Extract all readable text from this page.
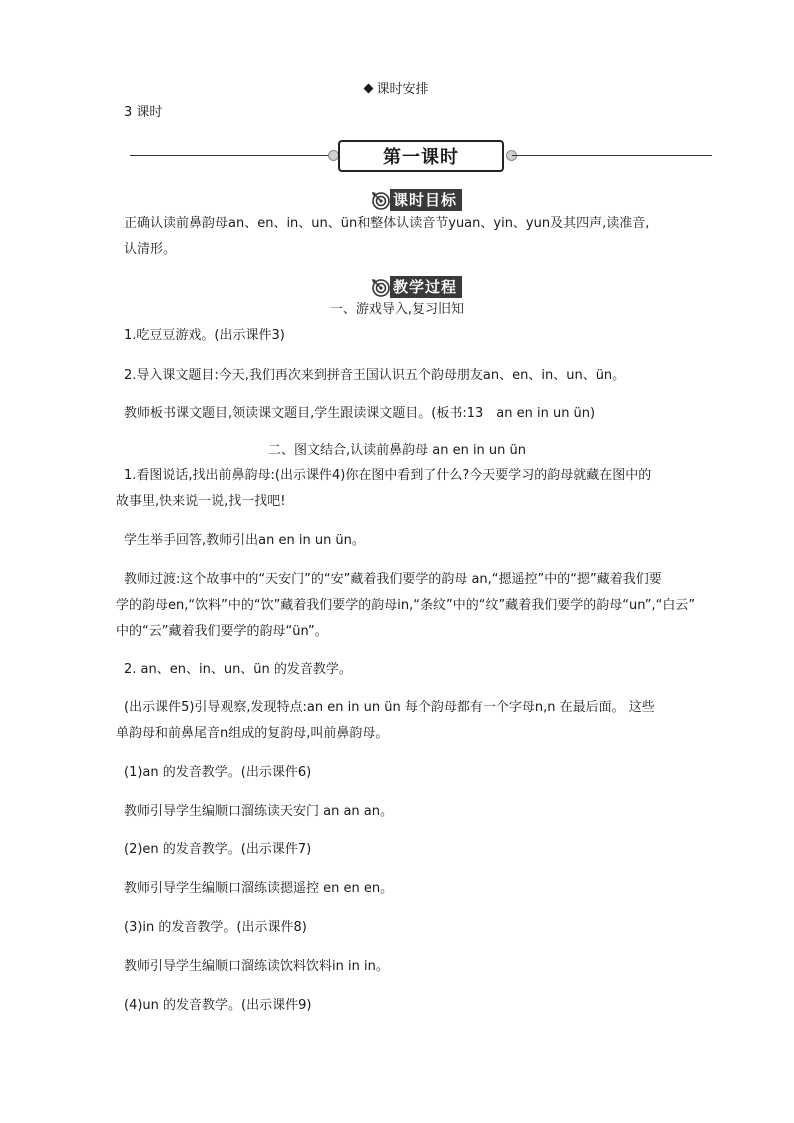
课时安排
3 课时
第一课时
课时目标
正确认读前鼻韵母an、en、in、un、ün和整体认读音节yuan、yin、yun及其四声,读准音,
认清形。
教学过程
一、游戏导入,复习旧知
1.吃豆豆游戏。(出示课件3)
2.导入课文题目:今天,我们再次来到拼音王国认识五个韵母朋友an、en、in、un、ün。
教师板书课文题目,领读课文题目,学生跟读课文题目。(板书:13　an en in un ün)
二、图文结合,认读前鼻韵母 an en in un ün
1.看图说话,找出前鼻韵母:(出示课件4)你在图中看到了什么?今天要学习的韵母就藏在图中的
故事里,快来说一说,找一找吧!
学生举手回答,教师引出an en in un ün。
教师过渡:这个故事中的“天安门”的“安”藏着我们要学的韵母 an,“摁遥控”中的“摁”藏着我们要
学的韵母en,“饮料”中的“饮”藏着我们要学的韵母in,“条纹”中的“纹”藏着我们要学的韵母“un”,“白云”
中的“云”藏着我们要学的韵母“ün”。
2. an、en、in、un、ün 的发音教学。
(出示课件5)引导观察,发现特点:an en in un ün 每个韵母都有一个字母n,n 在最后面。 这些
单韵母和前鼻尾音n组成的复韵母,叫前鼻韵母。
(1)an 的发音教学。(出示课件6)
教师引导学生编顺口溜练读天安门 an an an。
(2)en 的发音教学。(出示课件7)
教师引导学生编顺口溜练读摁遥控 en en en。
(3)in 的发音教学。(出示课件8)
教师引导学生编顺口溜练读饮料饮料in in in。
(4)un 的发音教学。(出示课件9)
